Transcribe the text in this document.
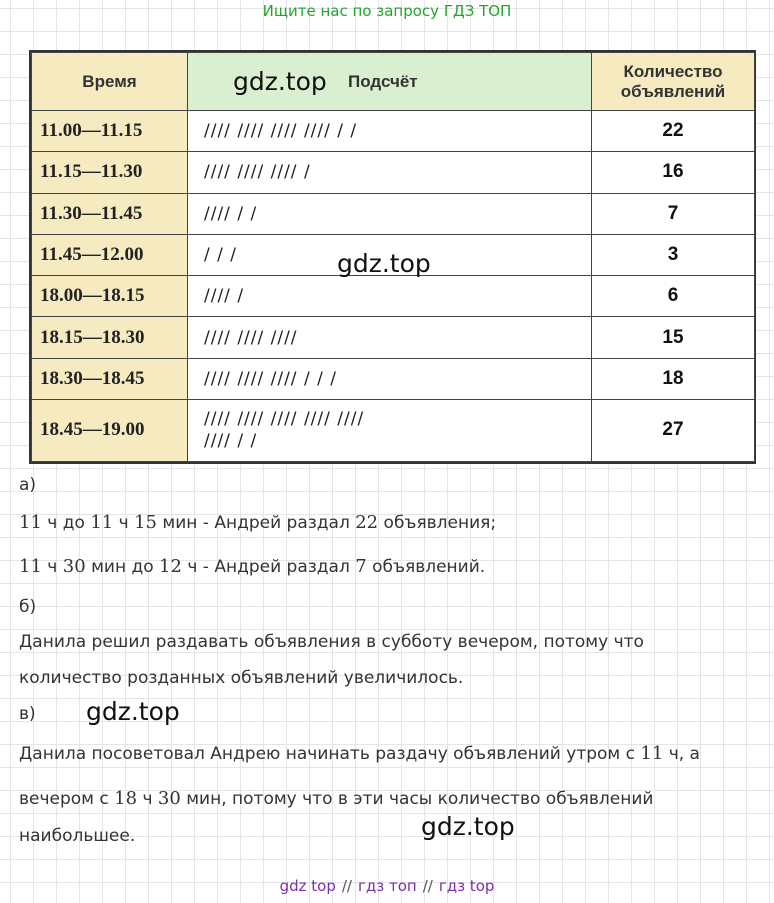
Ищите нас по запросу ГДЗ ТОП
Время	Подсчёт	Количество
объявлений
11.00—11.15	//// //// //// //// / /	22
11.15—11.30	//// //// //// /	16
11.30—11.45	//// / /	7
11.45—12.00	/ / /	3
18.00—18.15	//// /	6
18.15—18.30	//// //// ////	15
18.30—18.45	//// //// //// / / /	18
18.45—19.00	//// //// //// //// ////
//// / /	27
gdz.top
gdz.top
gdz.top
gdz.top
а)
11 ч до 11 ч 15 мин - Андрей раздал 22 объявления;
11 ч 30 мин до 12 ч - Андрей раздал 7 объявлений.
б)
Данила решил раздавать объявления в субботу вечером, потому что
количество розданных объявлений увеличилось.
в)
Данила посоветовал Андрею начинать раздачу объявлений утром с 11 ч, а
вечером с 18 ч 30 мин, потому что в эти часы количество объявлений
наибольшее.
gdz top // гдз топ // гдз top
